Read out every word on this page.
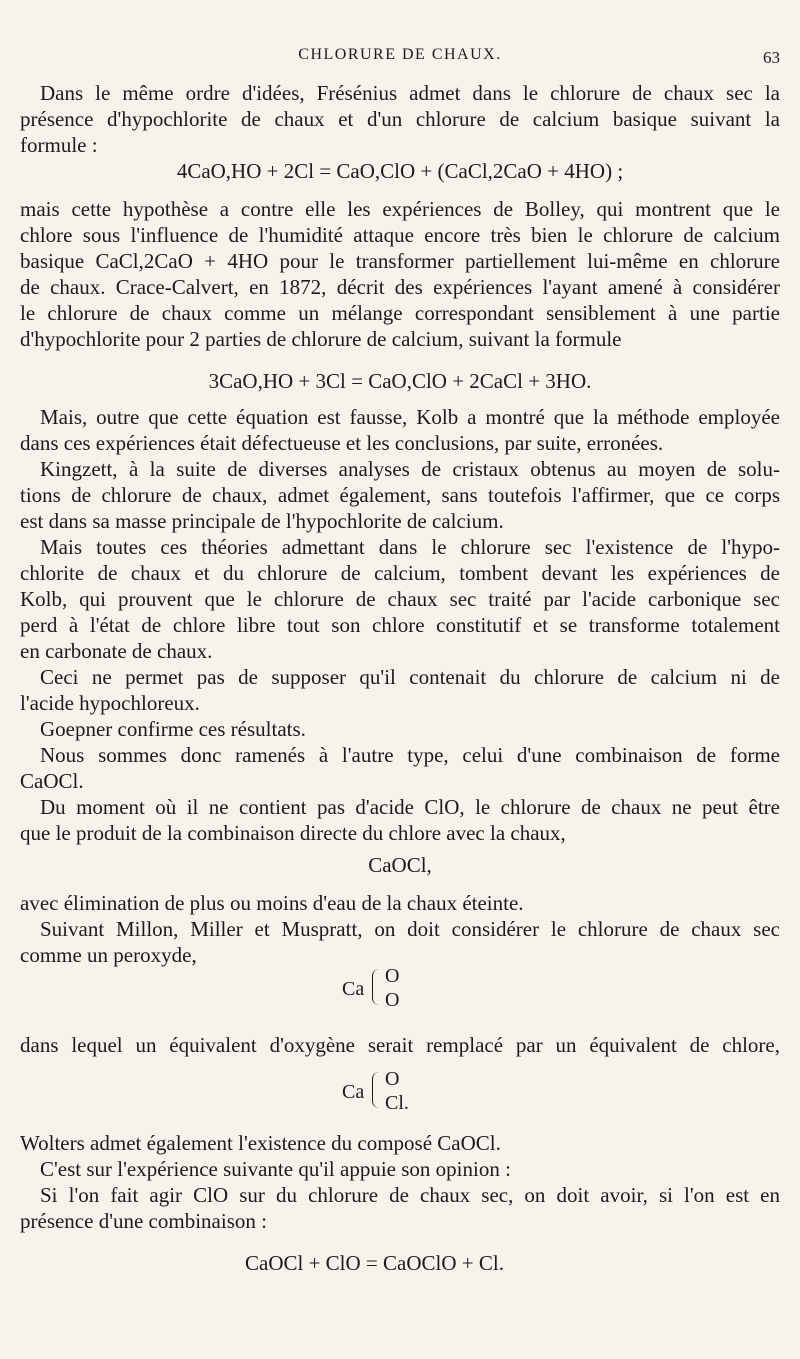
CHLORURE DE CHAUX.	63
Dans le même ordre d'idées, Frésénius admet dans le chlorure de chaux sec la
présence d'hypochlorite de chaux et d'un chlorure de calcium basique suivant la
formule :
4CaO,HO + 2Cl = CaO,ClO + (CaCl,2CaO + 4HO) ;
mais cette hypothèse a contre elle les expériences de Bolley, qui montrent que le
chlore sous l'influence de l'humidité attaque encore très bien le chlorure de calcium
basique CaCl,2CaO + 4HO pour le transformer partiellement lui-même en chlorure
de chaux. Crace-Calvert, en 1872, décrit des expériences l'ayant amené à considérer
le chlorure de chaux comme un mélange correspondant sensiblement à une partie
d'hypochlorite pour 2 parties de chlorure de calcium, suivant la formule
3CaO,HO + 3Cl = CaO,ClO + 2CaCl + 3HO.
Mais, outre que cette équation est fausse, Kolb a montré que la méthode employée
dans ces expériences était défectueuse et les conclusions, par suite, erronées.
Kingzett, à la suite de diverses analyses de cristaux obtenus au moyen de solu-
tions de chlorure de chaux, admet également, sans toutefois l'affirmer, que ce corps
est dans sa masse principale de l'hypochlorite de calcium.
Mais toutes ces théories admettant dans le chlorure sec l'existence de l'hypo-
chlorite de chaux et du chlorure de calcium, tombent devant les expériences de
Kolb, qui prouvent que le chlorure de chaux sec traité par l'acide carbonique sec
perd à l'état de chlore libre tout son chlore constitutif et se transforme totalement
en carbonate de chaux.
Ceci ne permet pas de supposer qu'il contenait du chlorure de calcium ni de
l'acide hypochloreux.
Goepner confirme ces résultats.
Nous sommes donc ramenés à l'autre type, celui d'une combinaison de forme
CaOCl.
Du moment où il ne contient pas d'acide ClO, le chlorure de chaux ne peut être
que le produit de la combinaison directe du chlore avec la chaux,
CaOCl,
avec élimination de plus ou moins d'eau de la chaux éteinte.
Suivant Millon, Miller et Muspratt, on doit considérer le chlorure de chaux sec
comme un peroxyde,
Ca
O
O
dans lequel un équivalent d'oxygène serait remplacé par un équivalent de chlore,
Ca
O
Cl.
Wolters admet également l'existence du composé CaOCl.
C'est sur l'expérience suivante qu'il appuie son opinion :
Si l'on fait agir ClO sur du chlorure de chaux sec, on doit avoir, si l'on est en
présence d'une combinaison :
CaOCl + ClO = CaOClO + Cl.
